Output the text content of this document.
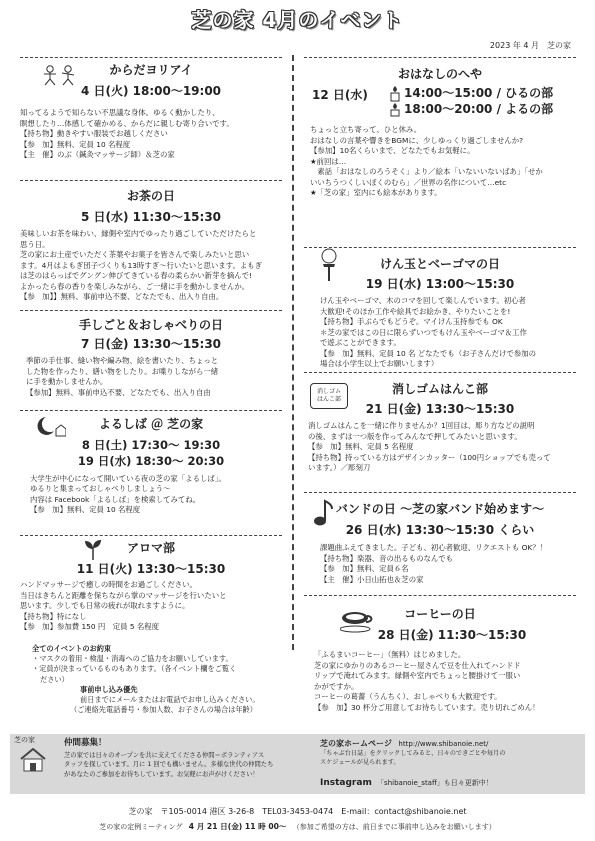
芝の家 4月のイベント
2023 年 4 月　 芝の家
からだヨリアイ
4 日(火) 18:00〜19:00
知ってるようで知らない不思議な身体。ゆるく動かしたり、
瞑想したり…体感して確かめる、からだに親しむ寄り合いです。
【持ち物】動きやすい服装でお越しください
【参　加】無料、定員 10 名程度
【主　催】のぶ（鍼灸マッサージ師）＆芝の家
お茶の日
5 日(水) 11:30〜15:30
美味しいお茶を味わい、縁側や室内でゆったり過ごしていただけたらと
思う日。
芝の家にお土産でいただく茶葉やお菓子を皆さんで楽しみたいと思い
ます。4月はよもぎ団子づくりも13時すぎ〜行いたいと思います。よもぎ
は芝のはらっぱでグングン伸びてきている春の柔らかい新芽を摘んで!
よかったら春の香りを楽しみながら、ご一緒に手を動かしませんか。
【参　加】】無料、事前申込不要、どなたでも、出入り自由。
手しごと＆おしゃべりの日
7 日(金) 13:30〜15:30
季節の手仕事、縫い物や編み物、絵を書いたり、ちょっと
した物を作ったり、繕い物をしたり。お喋りしながら一緒
に手を動かしませんか。
【参加】無料、事前申込不要、どなたでも、出入り自由
よるしば ＠ 芝の家
8 日(土) 17:30〜 19:30
19 日(水) 18:30〜 20:30
大学生が中心になって開いている夜の芝の家「よるしば」。
ゆるりと集まっておしゃべりしましょう〜
内容は Facebook「よるしば」を検索してみてね。
【参　加】無料、定員 10 名程度
アロマ部
11 日(火) 13:30〜15:30
ハンドマッサージで癒しの時間をお過ごしください。
当日はきちんと距離を保ちながら掌のマッサージを行いたいと
思います。少しでも日常の疲れが取れますように。
【持ち物】特になし
【参　加】参加費 150 円　定員 5 名程度
全てのイベントのお約束
・マスクの着用・検温・消毒へのご協力をお願いしています。
・定員が決まっているものもあります。（各イベント欄をご覧く
ださい）
事前申し込み優先
前日までにメールまたはお電話でお申し込みください。
（ご連絡先電話番号・参加人数、お子さんの場合は年齢）
おはなしのへや
12 日(水)	14:00〜15:00 / ひるの部
18:00〜20:00 / よるの部
ちょっと立ち寄って、ひと休み。
おはなしの言葉や響きをBGMに、少しゆっくり過ごしませんか?
【参加】10名くらいまで、どなたでもお気軽に。
★前回は…
　素話「おはなしのろうそく」より／絵本「いないいないばあ」「せか
いいちうつくしいぼくのむら」／世界の名作について…etc
★「芝の家」室内にも絵本があります。
けん玉とベーゴマの日
19 日(水) 13:00〜15:30
けん玉やベーゴマ、木のコマを回して楽しんでいます。初心者
大歓迎!そのほか工作や絵具でお絵かき、やりたいことを!
【持ち物】手ぶらでもどうぞ。マイけん玉持参でも OK
＊芝の家ではこの日に限らずいつでもけん玉やベーゴマ＆工作
で遊ぶことができます。
【参　加】無料、定員 10 名 どなたでも（お子さんだけで参加の
場合は小学生以上でお願いします）
消しゴム
はんこ部
消しゴムはんこ部
21 日(金) 13:30〜15:30
消しゴムはんこを一緒に作りませんか？1回目は、彫り方などの説明
の後、まずは一つ版を作ってみんなで押してみたいと思います。
【参　加】無料、定員 5 名程度
【持ち物】持っている方はデザインカッター（100円ショップでも売って
います。）／彫刻刀
バンドの日 〜芝の家バンド始めます〜
26 日(水) 13:30〜15:30 くらい
課題曲ふえてきました。子ども、初心者歓迎、リクエストも OK？！
【持ち物】楽器、音の出るものなんでも
【参　加】無料、定員６名
【主　催】小日山拓也＆芝の家
コーヒーの日
28 日(金) 11:30〜15:30
「ふるまいコーヒー」（無料）はじめました。
芝の家にゆかりのあるコーヒー屋さんで豆を仕入れてハンドド
リップで淹れてみます。縁側や室内でちょっと腰掛けて一服い
かがですか。
コーヒーの葛薔（うんちく）、おしゃべりも大歓迎です。
【参　加】30 杯分ご用意してお待ちしています。売り切れごめん！
芝の家	仲間募集！
芝の家では日々のオープンを共に支えてくださる仲間＝ボランティアス
タッフを探しています。月に 1 回でも構いません。多様な世代の仲間たち
があなたのご参加をお待ちしています。お気軽にお声がけください！
芝の家ホームページ http://www.shibanoie.net/
「ちゃぶ台日誌」をクリックしてみると、日々のできごとや毎月の
スケジュールが見られます。
Instagram 「shibanoie_staff」も日々更新中！
芝の家　〒105-0014 港区 3-26-8　TEL03-3453-0474　E-mail：contact@shibanoie.net
芝の家の定例ミーティング 4 月 21 日(金) 11 時 00〜 （参加ご希望の方は、前日までに事前申し込みをお願いします）
